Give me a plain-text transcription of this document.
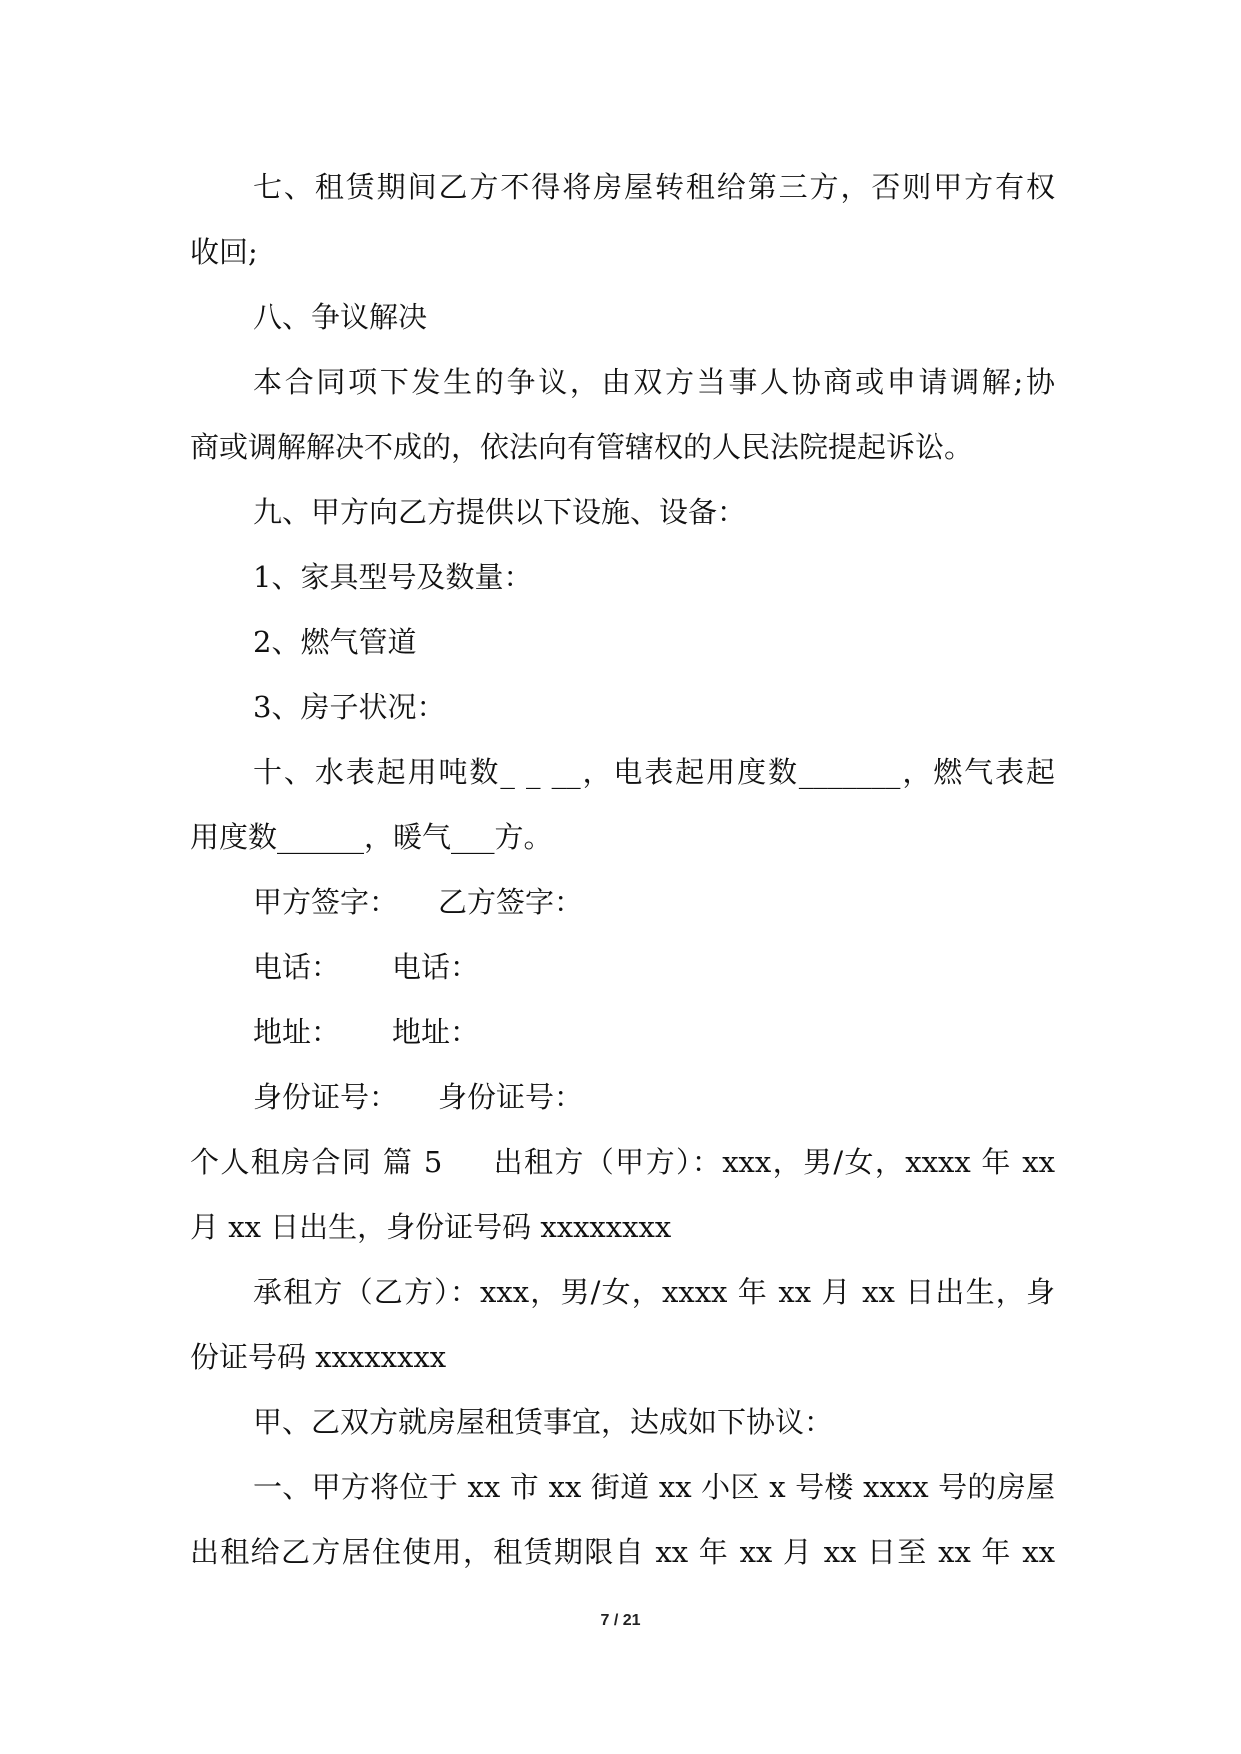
七、租赁期间乙方不得将房屋转租给第三方，否则甲方有权
收回;
八、争议解决
本合同项下发生的争议，由双方当事人协商或申请调解;协
商或调解解决不成的，依法向有管辖权的人民法院提起诉讼。
九、甲方向乙方提供以下设施、设备：
1、家具型号及数量：
2、燃气管道
3、房子状况：
十、水表起用吨数_ _ __，电表起用度数_______，燃气表起
用度数______，暖气___方。
甲方签字： 乙方签字：
电话： 电话：
地址： 地址：
身份证号： 身份证号：
个人租房合同 篇 5 出租方（甲方）：xxx，男/女，xxxx 年 xx
月 xx 日出生，身份证号码 xxxxxxxx
承租方（乙方）：xxx，男/女，xxxx 年 xx 月 xx 日出生，身
份证号码 xxxxxxxx
甲、乙双方就房屋租赁事宜，达成如下协议：
一、甲方将位于 xx 市 xx 街道 xx 小区 x 号楼 xxxx 号的房屋
出租给乙方居住使用，租赁期限自 xx 年 xx 月 xx 日至 xx 年 xx
7 / 21
